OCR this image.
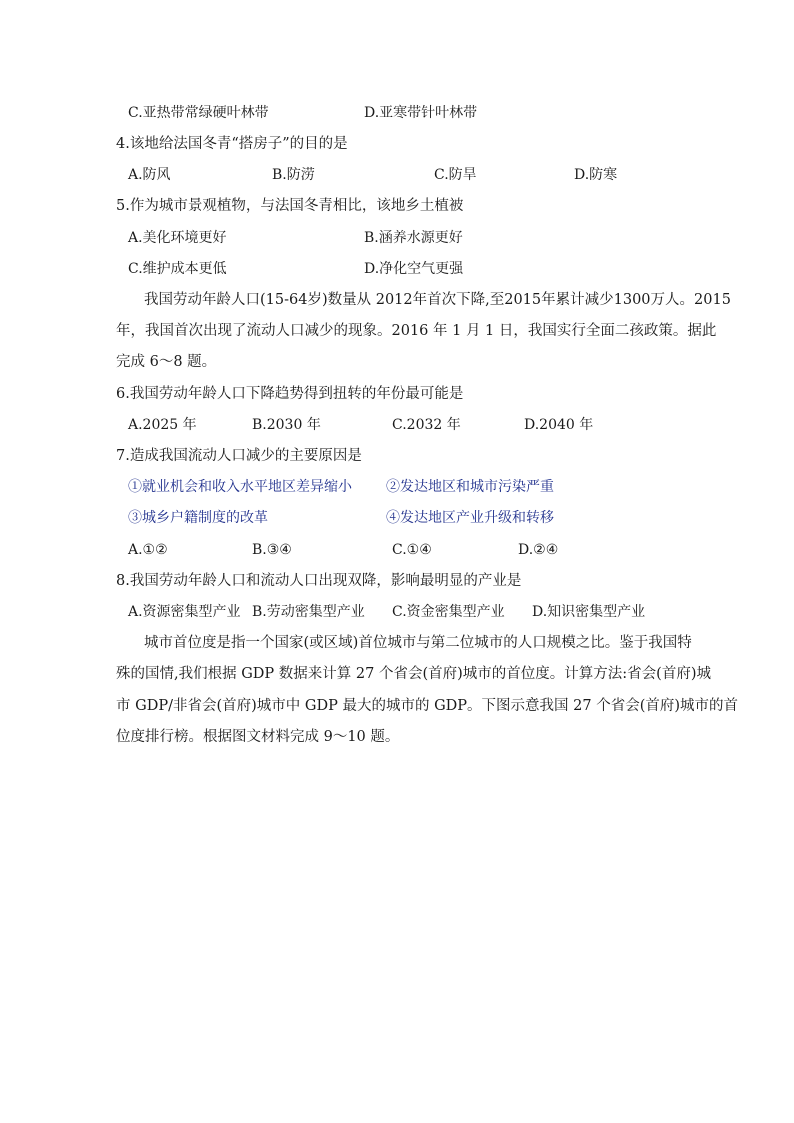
C.亚热带常绿硬叶林带	D.亚寒带针叶林带
4.该地给法国冬青“搭房子”的目的是
A.防风	B.防涝	C.防旱	D.防寒
5.作为城市景观植物，与法国冬青相比，该地乡土植被
A.美化环境更好	B.涵养水源更好
C.维护成本更低	D.净化空气更强
我国劳动年龄人口(15-64岁)数量从 2012年首次下降,至2015年累计减少1300万人。2015
年，我国首次出现了流动人口减少的现象。2016 年 1 月 1 日，我国实行全面二孩政策。据此
完成 6～8 题。
6.我国劳动年龄人口下降趋势得到扭转的年份最可能是
A.2025 年	B.2030 年	C.2032 年	D.2040 年
7.造成我国流动人口减少的主要原因是
①就业机会和收入水平地区差异缩小 ②发达地区和城市污染严重
③城乡户籍制度的改革	④发达地区产业升级和转移
A.①②	B.③④	C.①④	D.②④
8.我国劳动年龄人口和流动人口出现双降，影响最明显的产业是
A.资源密集型产业 B.劳动密集型产业 C.资金密集型产业 D.知识密集型产业
城市首位度是指一个国家(或区域)首位城市与第二位城市的人口规模之比。鉴于我国特
殊的国情,我们根据 GDP 数据来计算 27 个省会(首府)城市的首位度。计算方法:省会(首府)城
市 GDP/非省会(首府)城市中 GDP 最大的城市的 GDP。下图示意我国 27 个省会(首府)城市的首
位度排行榜。根据图文材料完成 9～10 题。
